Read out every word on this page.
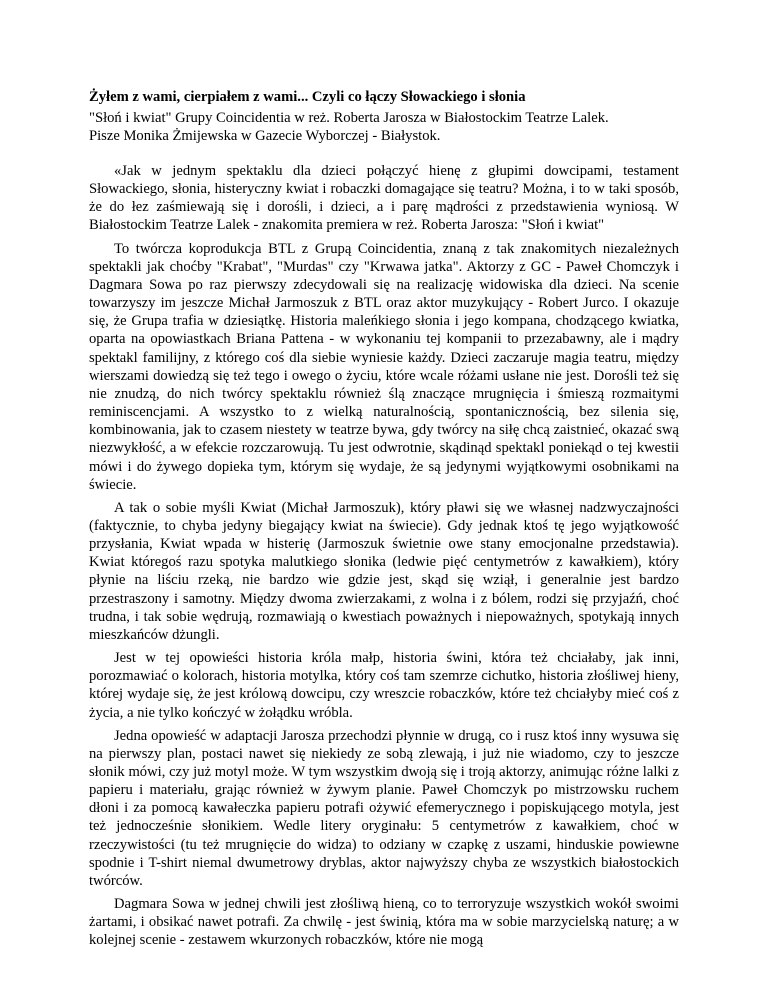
Żyłem z wami, cierpiałem z wami... Czyli co łączy Słowackiego i słonia
"Słoń i kwiat" Grupy Coincidentia w reż. Roberta Jarosza w Białostockim Teatrze Lalek.
Pisze Monika Żmijewska w Gazecie Wyborczej - Białystok.

«Jak w jednym spektaklu dla dzieci połączyć hienę z głupimi dowcipami, testament Słowackiego, słonia, histeryczny kwiat i robaczki domagające się teatru? Można, i to w taki sposób, że do łez zaśmiewają się i dorośli, i dzieci, a i parę mądrości z przedstawienia wyniosą. W Białostockim Teatrze Lalek - znakomita premiera w reż. Roberta Jarosza: "Słoń i kwiat"

To twórcza koprodukcja BTL z Grupą Coincidentia, znaną z tak znakomitych niezależnych spektakli jak choćby "Krabat", "Murdas" czy "Krwawa jatka". Aktorzy z GC - Paweł Chomczyk i Dagmara Sowa po raz pierwszy zdecydowali się na realizację widowiska dla dzieci. Na scenie towarzyszy im jeszcze Michał Jarmoszuk z BTL oraz aktor muzykujący - Robert Jurco. I okazuje się, że Grupa trafia w dziesiątkę. Historia maleńkiego słonia i jego kompana, chodzącego kwiatka, oparta na opowiastkach Briana Pattena - w wykonaniu tej kompanii to przezabawny, ale i mądry spektakl familijny, z którego coś dla siebie wyniesie każdy. Dzieci zaczaruje magia teatru, między wierszami dowiedzą się też tego i owego o życiu, które wcale różami usłane nie jest. Dorośli też się nie znudzą, do nich twórcy spektaklu również ślą znaczące mrugnięcia i śmieszą rozmaitymi reminiscencjami. A wszystko to z wielką naturalnością, spontanicznością, bez silenia się, kombinowania, jak to czasem niestety w teatrze bywa, gdy twórcy na siłę chcą zaistnieć, okazać swą niezwykłość, a w efekcie rozczarowują. Tu jest odwrotnie, skądinąd spektakl poniekąd o tej kwestii mówi i do żywego dopieka tym, którym się wydaje, że są jedynymi wyjątkowymi osobnikami na świecie.

A tak o sobie myśli Kwiat (Michał Jarmoszuk), który pławi się we własnej nadzwyczajności (faktycznie, to chyba jedyny biegający kwiat na świecie). Gdy jednak ktoś tę jego wyjątkowość przysłania, Kwiat wpada w histerię (Jarmoszuk świetnie owe stany emocjonalne przedstawia). Kwiat któregoś razu spotyka malutkiego słonika (ledwie pięć centymetrów z kawałkiem), który płynie na liściu rzeką, nie bardzo wie gdzie jest, skąd się wziął, i generalnie jest bardzo przestraszony i samotny. Między dwoma zwierzakami, z wolna i z bólem, rodzi się przyjaźń, choć trudna, i tak sobie wędrują, rozmawiają o kwestiach poważnych i niepoważnych, spotykają innych mieszkańców dżungli.

Jest w tej opowieści historia króla małp, historia świni, która też chciałaby, jak inni, porozmawiać o kolorach, historia motylka, który coś tam szemrze cichutko, historia złośliwej hieny, której wydaje się, że jest królową dowcipu, czy wreszcie robaczków, które też chciałyby mieć coś z życia, a nie tylko kończyć w żołądku wróbla.

Jedna opowieść w adaptacji Jarosza przechodzi płynnie w drugą, co i rusz ktoś inny wysuwa się na pierwszy plan, postaci nawet się niekiedy ze sobą zlewają, i już nie wiadomo, czy to jeszcze słonik mówi, czy już motyl może. W tym wszystkim dwoją się i troją aktorzy, animując różne lalki z papieru i materiału, grając również w żywym planie. Paweł Chomczyk po mistrzowsku ruchem dłoni i za pomocą kawałeczka papieru potrafi ożywić efemerycznego i popiskującego motyla, jest też jednocześnie słonikiem. Wedle litery oryginału: 5 centymetrów z kawałkiem, choć w rzeczywistości (tu też mrugnięcie do widza) to odziany w czapkę z uszami, hinduskie powiewne spodnie i T-shirt niemal dwumetrowy dryblas, aktor najwyższy chyba ze wszystkich białostockich twórców.

Dagmara Sowa w jednej chwili jest złośliwą hieną, co to terroryzuje wszystkich wokół swoimi żartami, i obsikać nawet potrafi. Za chwilę - jest świnią, która ma w sobie marzycielską naturę; a w kolejnej scenie - zestawem wkurzonych robaczków, które nie mogą
